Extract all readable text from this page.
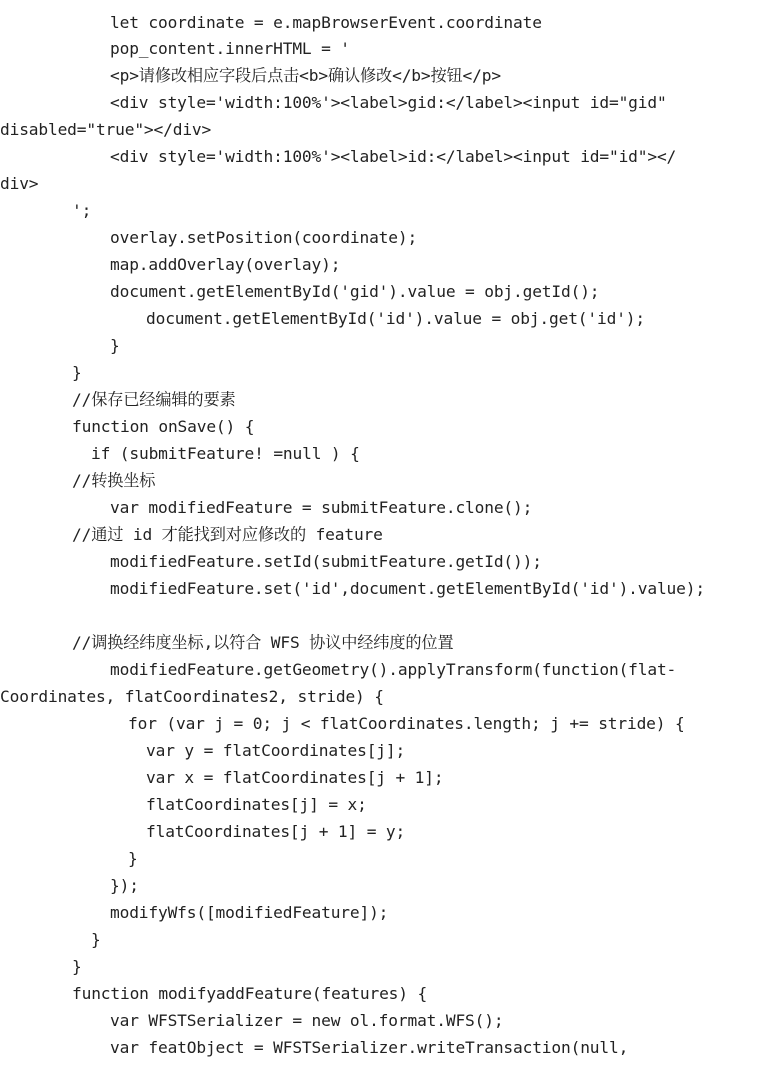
let coordinate = e.mapBrowserEvent.coordinate
pop_content.innerHTML = '
<p>请修改相应字段后点击<b>确认修改</b>按钮</p>
<div style='width:100%'><label>gid:</label><input id="gid"
disabled="true"></div>
<div style='width:100%'><label>id:</label><input id="id"></
div>
';
overlay.setPosition(coordinate);
map.addOverlay(overlay);
document.getElementById('gid').value = obj.getId();
document.getElementById('id').value = obj.get('id');
}
}
//保存已经编辑的要素
function onSave() {
if (submitFeature! =null ) {
//转换坐标
var modifiedFeature = submitFeature.clone();
//通过 id 才能找到对应修改的 feature
modifiedFeature.setId(submitFeature.getId());
modifiedFeature.set('id',document.getElementById('id').value);
//调换经纬度坐标,以符合 WFS 协议中经纬度的位置
modifiedFeature.getGeometry().applyTransform(function(flat-
Coordinates, flatCoordinates2, stride) {
for (var j = 0; j < flatCoordinates.length; j += stride) {
var y = flatCoordinates[j];
var x = flatCoordinates[j + 1];
flatCoordinates[j] = x;
flatCoordinates[j + 1] = y;
}
});
modifyWfs([modifiedFeature]);
}
}
function modifyaddFeature(features) {
var WFSTSerializer = new ol.format.WFS();
var featObject = WFSTSerializer.writeTransaction(null,
